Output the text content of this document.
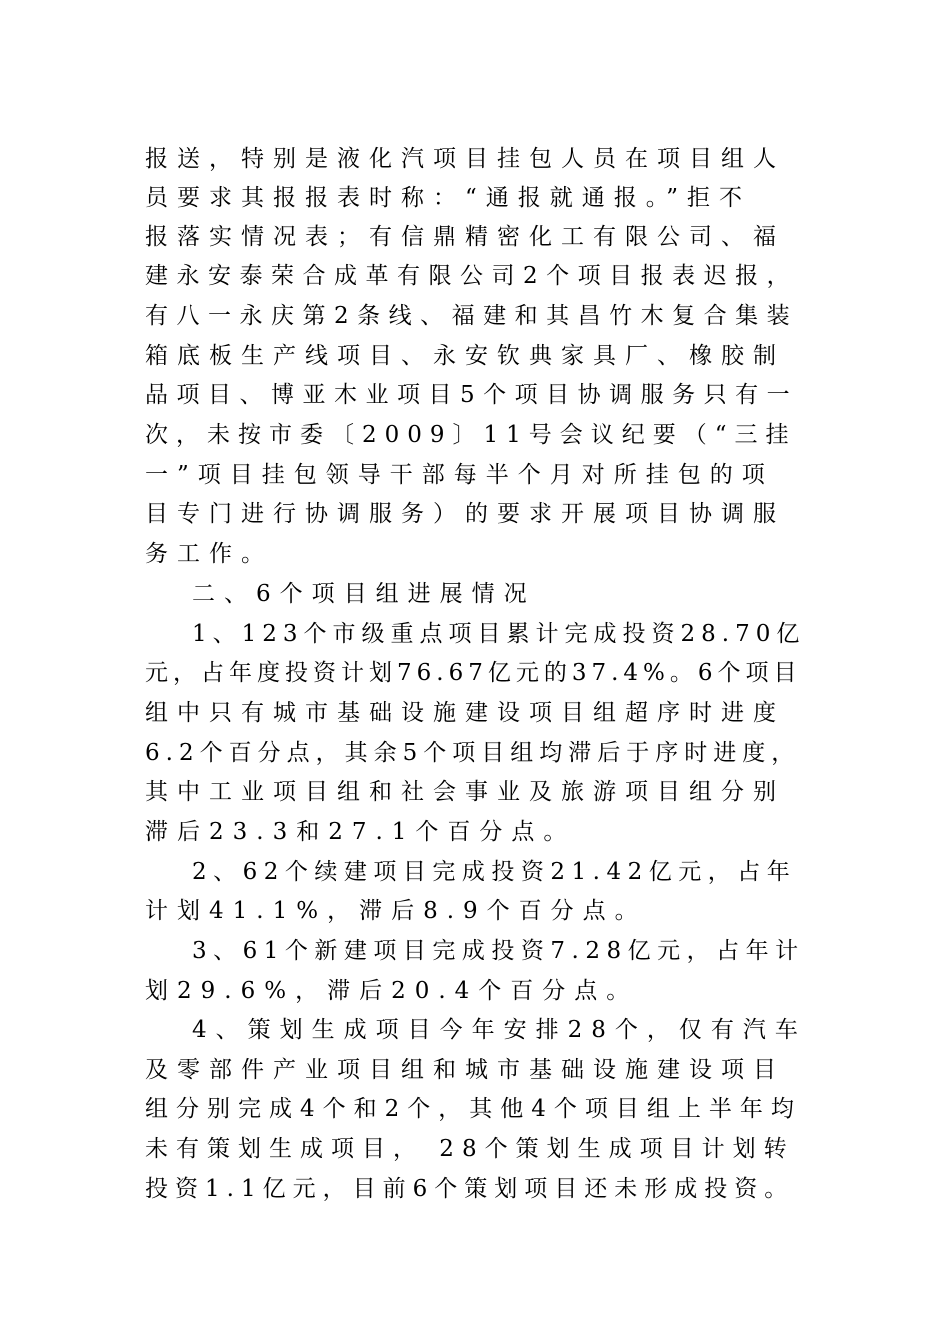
报送，特别是液化汽项目挂包人员在项目组人
员要求其报报表时称：“通报就通报。”拒不
报落实情况表；有信鼎精密化工有限公司、福
建永安泰荣合成革有限公司2个项目报表迟报，
有八一永庆第2条线、福建和其昌竹木复合集装
箱底板生产线项目、永安钦典家具厂、橡胶制
品项目、博亚木业项目5个项目协调服务只有一
次，未按市委〔2009〕11号会议纪要（“三挂
一”项目挂包领导干部每半个月对所挂包的项
目专门进行协调服务）的要求开展项目协调服
务工作。
二、6个项目组进展情况
1、123个市级重点项目累计完成投资28.70亿
元，占年度投资计划76.67亿元的37.4%。6个项目
组中只有城市基础设施建设项目组超序时进度
6.2个百分点，其余5个项目组均滞后于序时进度，
其中工业项目组和社会事业及旅游项目组分别
滞后23.3和27.1个百分点。
2、62个续建项目完成投资21.42亿元，占年
计划41.1%，滞后8.9个百分点。
3、61个新建项目完成投资7.28亿元，占年计
划29.6%，滞后20.4个百分点。
4、策划生成项目今年安排28个，仅有汽车
及零部件产业项目组和城市基础设施建设项目
组分别完成4个和2个，其他4个项目组上半年均
未有策划生成项目， 28个策划生成项目计划转
投资1.1亿元，目前6个策划项目还未形成投资。
